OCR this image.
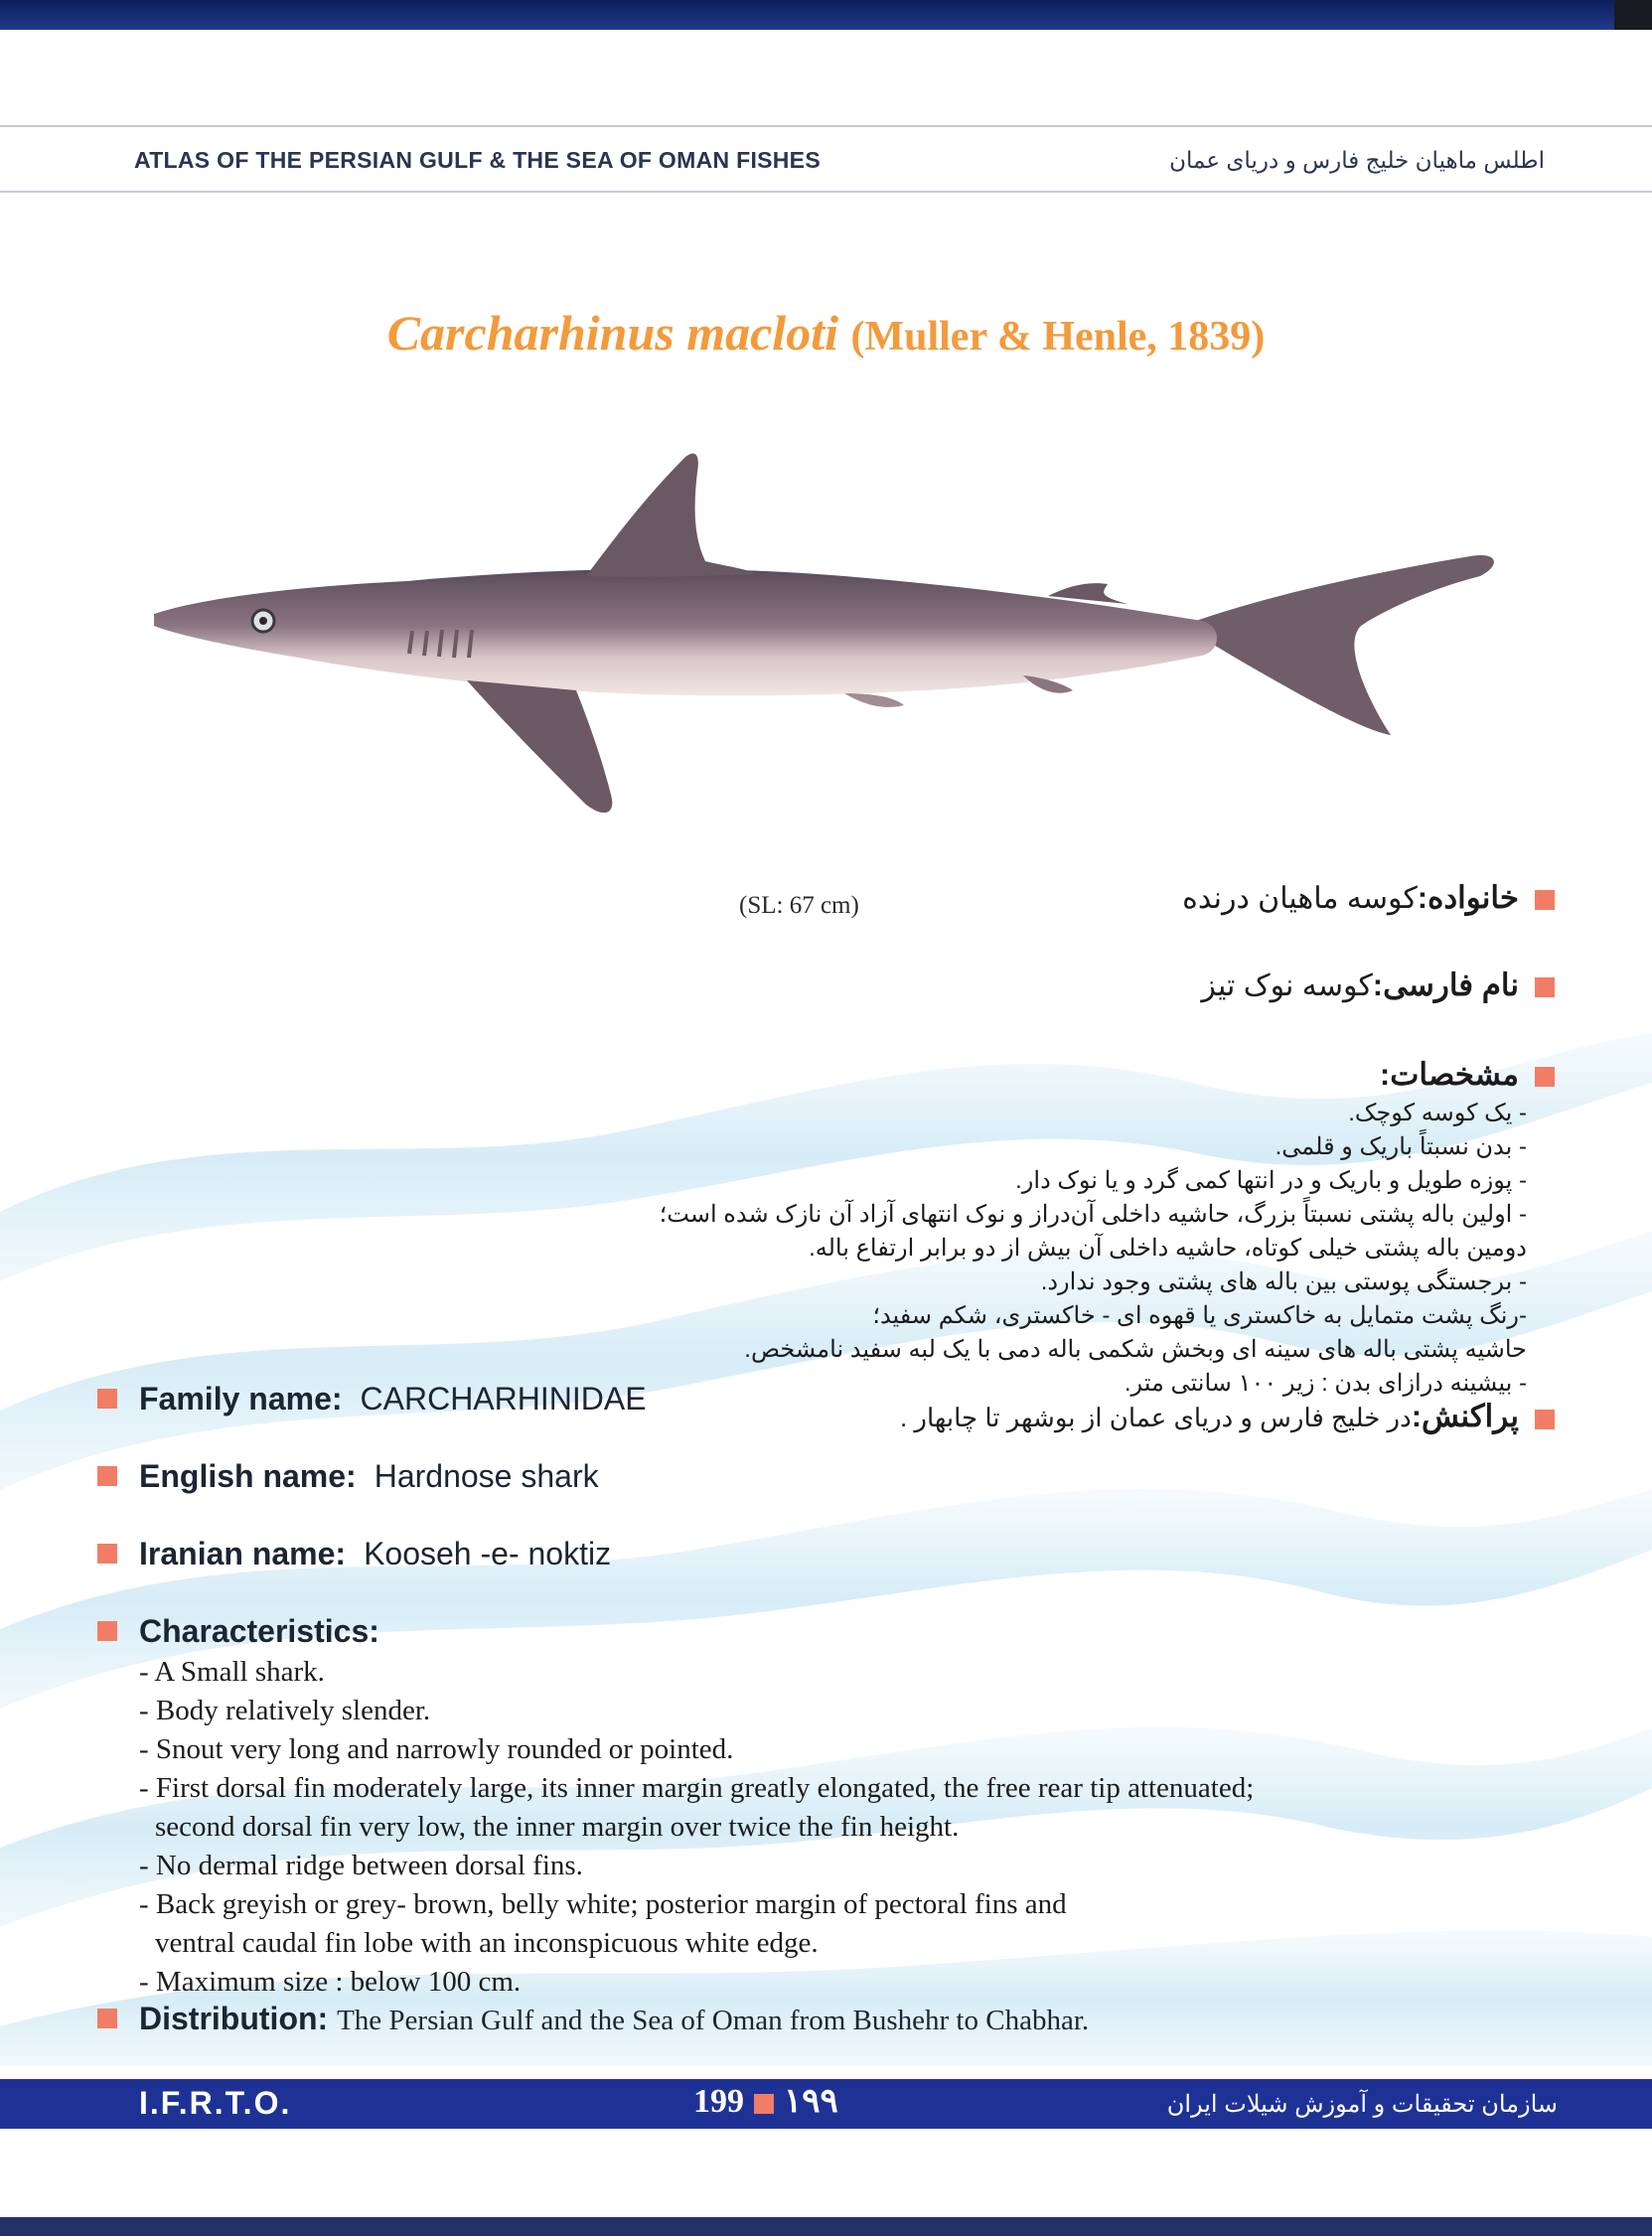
ATLAS OF THE PERSIAN GULF & THE SEA OF OMAN FISHES	اطلس ماهیان خلیج فارس و دریای عمان
Carcharhinus macloti (Muller & Henle, 1839)
(SL: 67 cm)	خانواده:کوسه ماهیان درنده
نام فارسی:کوسه نوک تیز
مشخصات:
- یک کوسه کوچک.
- بدن نسبتاً باریک و قلمی.
- پوزه طویل و باریک و در انتها کمی گرد و یا نوک دار.
- اولین باله پشتی نسبتاً بزرگ، حاشیه داخلی آن‌دراز و نوک انتهای آزاد آن نازک شده است؛
دومین باله پشتی خیلی کوتاه، حاشیه داخلی آن بیش از دو برابر ارتفاع باله.
- برجستگی پوستی بین باله های پشتی وجود ندارد.
-رنگ پشت متمایل به خاکستری یا قهوه ای - خاکستری، شکم سفید؛
حاشیه پشتی باله های سینه ای وبخش شکمی باله دمی با یک لبه سفید نامشخص.
- بیشینه درازای بدن : زیر ۱۰۰ سانتی متر.
پراکنش:در خلیج فارس و دریای عمان از بوشهر تا چابهار .
Family name: CARCHARHINIDAE
English name: Hardnose shark
Iranian name: Kooseh -e- noktiz
Characteristics:
- A Small shark.
- Body relatively slender.
- Snout very long and narrowly rounded or pointed.
- First dorsal fin moderately large, its inner margin greatly elongated, the free rear tip attenuated;
second dorsal fin very low, the inner margin over twice the fin height.
- No dermal ridge between dorsal fins.
- Back greyish or grey- brown, belly white; posterior margin of pectoral fins and
ventral caudal fin lobe with an inconspicuous white edge.
- Maximum size : below 100 cm.
Distribution: The Persian Gulf and the Sea of Oman from Bushehr to Chabhar.
I.F.R.T.O.	199 ۱۹۹	سازمان تحقیقات و آموزش شیلات ایران
